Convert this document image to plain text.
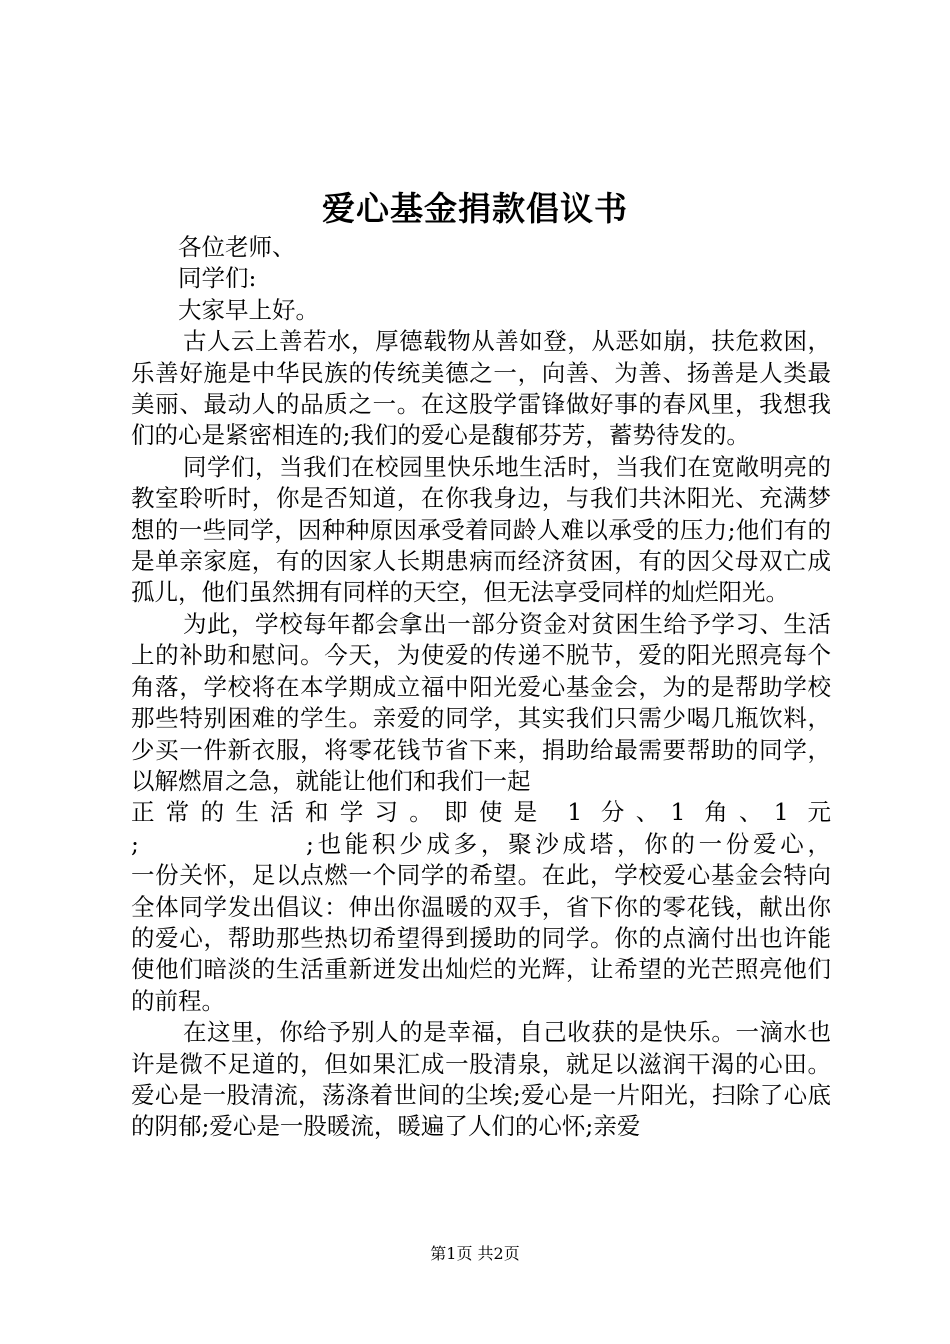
爱心基金捐款倡议书

各位老师、

同学们:

大家早上好。

古人云上善若水，厚德载物从善如登，从恶如崩，扶危救困，乐善好施是中华民族的传统美德之一，向善、为善、扬善是人类最美丽、最动人的品质之一。在这股学雷锋做好事的春风里，我想我们的心是紧密相连的;我们的爱心是馥郁芬芳，蓄势待发的。

同学们，当我们在校园里快乐地生活时，当我们在宽敞明亮的教室聆听时，你是否知道，在你我身边，与我们共沐阳光、充满梦想的一些同学，因种种原因承受着同龄人难以承受的压力;他们有的是单亲家庭，有的因家人长期患病而经济贫困，有的因父母双亡成孤儿，他们虽然拥有同样的天空，但无法享受同样的灿烂阳光。

为此，学校每年都会拿出一部分资金对贫困生给予学习、生活上的补助和慰问。今天，为使爱的传递不脱节，爱的阳光照亮每个角落，学校将在本学期成立福中阳光爱心基金会，为的是帮助学校那些特别困难的学生。亲爱的同学，其实我们只需少喝几瓶饮料，少买一件新衣服，将零花钱节省下来，捐助给最需要帮助的同学，以解燃眉之急，就能让他们和我们一起

正常的生活和学习。即使是 1 分、1 角、1 元

;　　　　　　;也能积少成多，聚沙成塔，你的一份爱心，

一份关怀，足以点燃一个同学的希望。在此，学校爱心基金会特向全体同学发出倡议：伸出你温暖的双手，省下你的零花钱，献出你的爱心，帮助那些热切希望得到援助的同学。你的点滴付出也许能使他们暗淡的生活重新迸发出灿烂的光辉，让希望的光芒照亮他们的前程。

在这里，你给予别人的是幸福，自己收获的是快乐。一滴水也许是微不足道的，但如果汇成一股清泉，就足以滋润干渴的心田。爱心是一股清流，荡涤着世间的尘埃;爱心是一片阳光，扫除了心底的阴郁;爱心是一股暖流，暖遍了人们的心怀;亲爱

第1页 共2页
